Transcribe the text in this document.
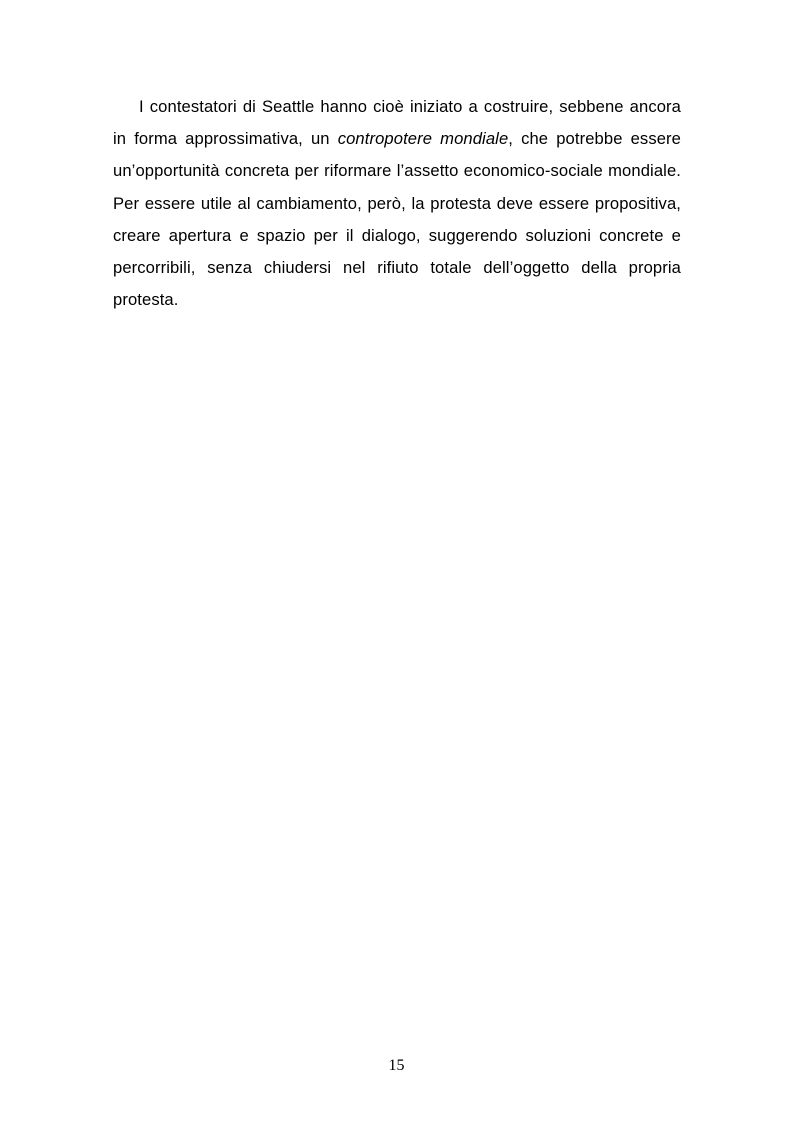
I contestatori di Seattle hanno cioè iniziato a costruire, sebbene ancora in forma approssimativa, un contropotere mondiale, che potrebbe essere un’opportunità concreta per riformare l’assetto economico-sociale mondiale. Per essere utile al cambiamento, però, la protesta deve essere propositiva, creare apertura e spazio per il dialogo, suggerendo soluzioni concrete e percorribili, senza chiudersi nel rifiuto totale dell’oggetto della propria protesta.

15
